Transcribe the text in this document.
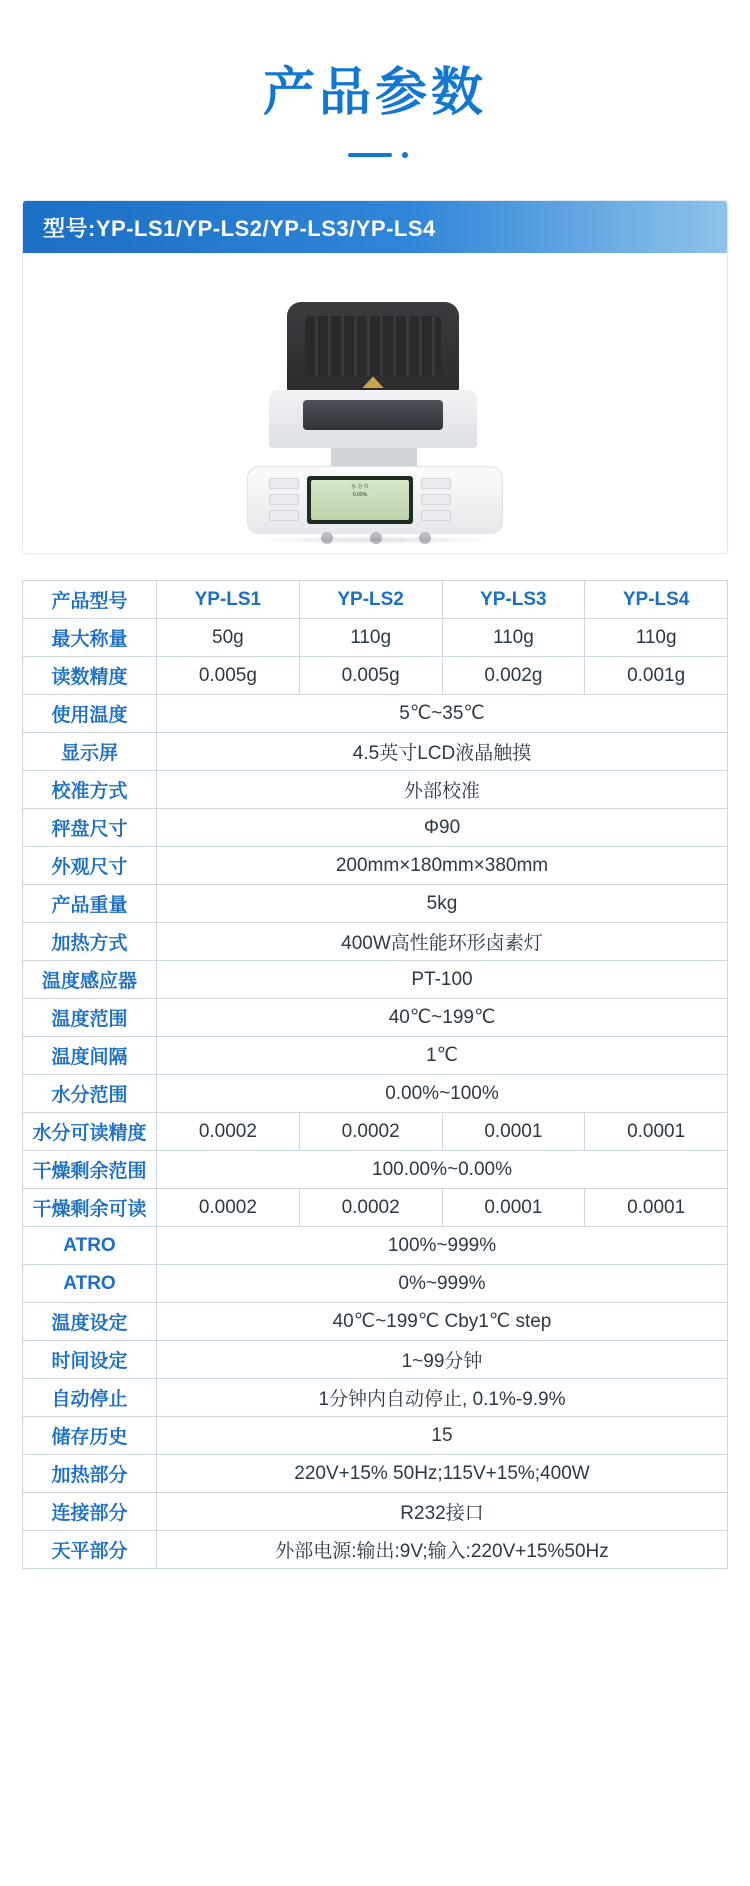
产品参数
型号:YP-LS1/YP-LS2/YP-LS3/YP-LS4
水 分 仪
0.00%
产品型号	YP-LS1	YP-LS2	YP-LS3	YP-LS4
最大称量	50g	110g	110g	110g
读数精度	0.005g	0.005g	0.002g	0.001g
使用温度	5℃~35℃			
显示屏	4.5英寸LCD液晶触摸			
校准方式	外部校准			
秤盘尺寸	Φ90			
外观尺寸	200mm×180mm×380mm			
产品重量	5kg			
加热方式	400W高性能环形卤素灯			
温度感应器	PT-100			
温度范围	40℃~199℃			
温度间隔	1℃			
水分范围	0.00%~100%			
水分可读精度	0.0002	0.0002	0.0001	0.0001
干燥剩余范围	100.00%~0.00%			
干燥剩余可读	0.0002	0.0002	0.0001	0.0001
ATRO	100%~999%			
ATRO	0%~999%			
温度设定	40℃~199℃ Cby1℃ step			
时间设定	1~99分钟			
自动停止	1分钟内自动停止, 0.1%-9.9%			
储存历史	15			
加热部分	220V+15% 50Hz;115V+15%;400W			
连接部分	R232接口			
天平部分	外部电源:输出:9V;输入:220V+15%50Hz			
